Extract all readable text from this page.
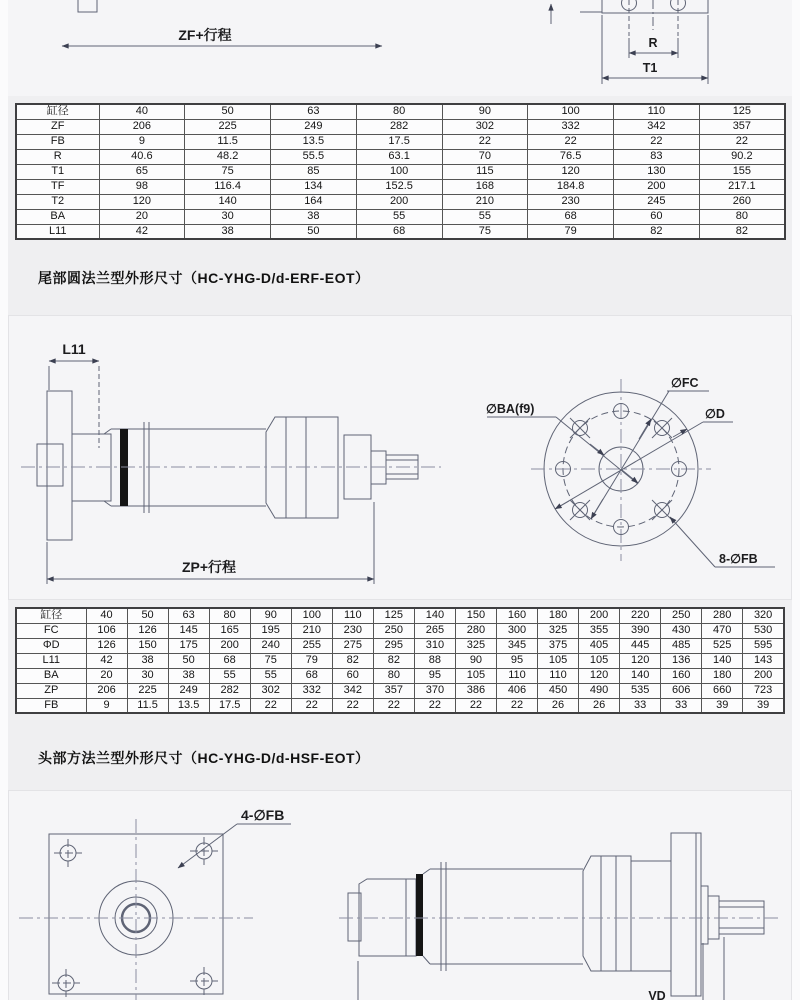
ZF+行程	R
T1
缸径	40	50	63	80	90	100	110	125
ZF	206	225	249	282	302	332	342	357
FB	9	11.5	13.5	17.5	22	22	22	22
R	40.6	48.2	55.5	63.1	70	76.5	83	90.2
T1	65	75	85	100	115	120	130	155
TF	98	116.4	134	152.5	168	184.8	200	217.1
T2	120	140	164	200	210	230	245	260
BA	20	30	38	55	55	68	60	80
L11	42	38	50	68	75	79	82	82
尾部圆法兰型外形尺寸（HC-YHG-D/d-ERF-EOT）
L11
ZP+行程
∅FC
∅BA(f9)	∅D
8-∅FB
缸径	40	50	63	80	90	100	110	125	140	150	160	180	200	220	250	280	320
FC	106	126	145	165	195	210	230	250	265	280	300	325	355	390	430	470	530
ΦD	126	150	175	200	240	255	275	295	310	325	345	375	405	445	485	525	595
L11	42	38	50	68	75	79	82	82	88	90	95	105	105	120	136	140	143
BA	20	30	38	55	55	68	60	80	95	105	110	110	120	140	160	180	200
ZP	206	225	249	282	302	332	342	357	370	386	406	450	490	535	606	660	723
FB	9	11.5	13.5	17.5	22	22	22	22	22	22	22	26	26	33	33	39	39
头部方法兰型外形尺寸（HC-YHG-D/d-HSF-EOT）
4-∅FB
VD
